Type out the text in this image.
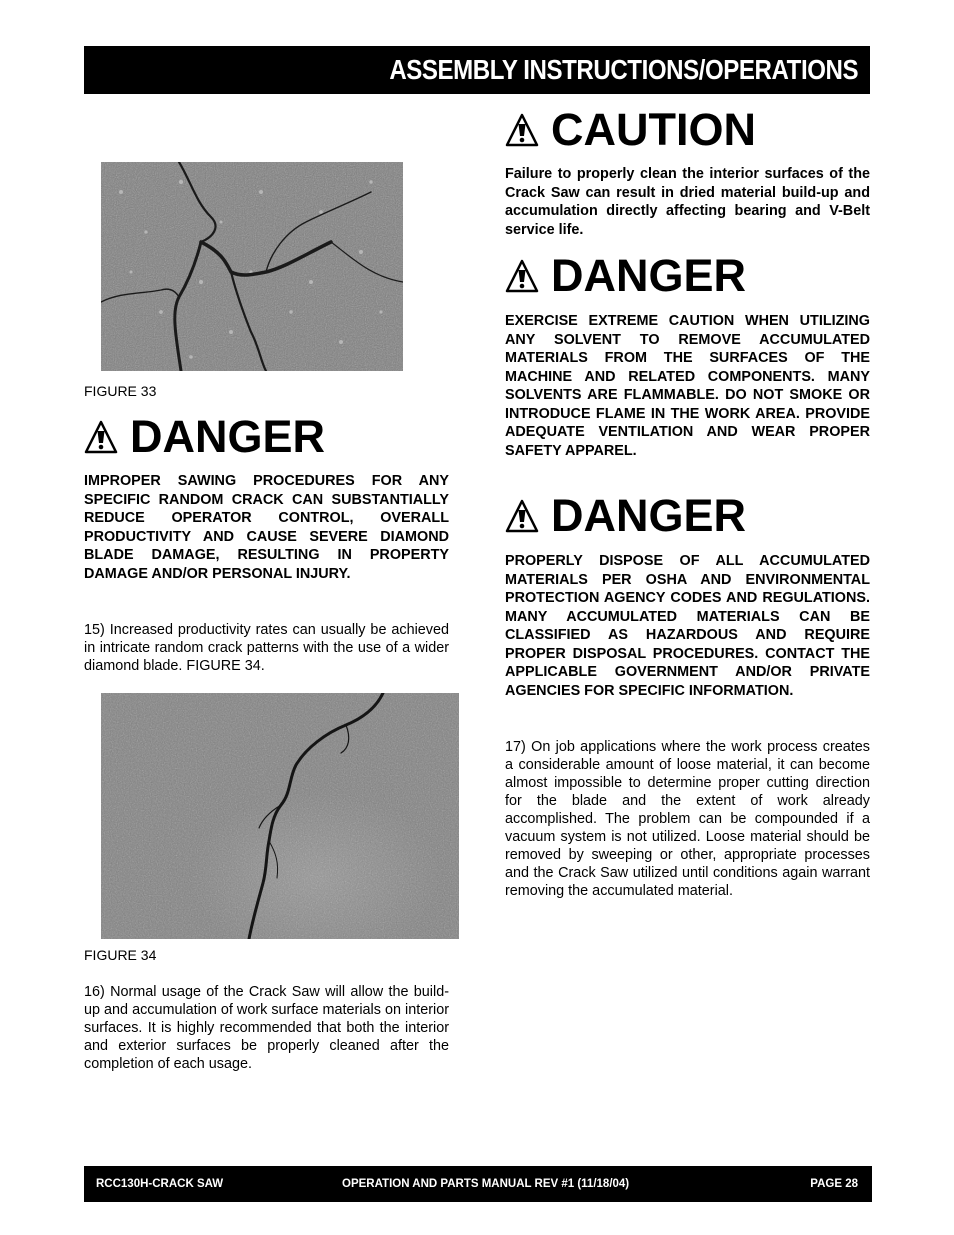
ASSEMBLY INSTRUCTIONS/OPERATIONS
FIGURE 33
DANGER
IMPROPER SAWING PROCEDURES FOR ANY SPECIFIC RANDOM CRACK CAN SUBSTANTIALLY REDUCE OPERATOR CONTROL, OVERALL PRODUCTIVITY AND CAUSE SEVERE DIAMOND BLADE DAMAGE, RESULTING IN PROPERTY DAMAGE AND/OR PERSONAL INJURY.
15) Increased productivity rates can usually be achieved in intricate random crack patterns with the use of a wider diamond blade. FIGURE 34.
FIGURE 34
16) Normal usage of the Crack Saw will allow the build-up and accumulation of work surface materials on interior surfaces. It is highly recommended that both the interior and exterior surfaces be properly cleaned after the completion of each usage.
CAUTION
Failure to properly clean the interior surfaces of the Crack Saw can result in dried material build-up and accumulation directly affecting bearing and V-Belt service life.
DANGER
EXERCISE EXTREME CAUTION WHEN UTILIZING ANY SOLVENT TO REMOVE ACCUMULATED MATERIALS FROM THE SURFACES OF THE MACHINE AND RELATED COMPONENTS. MANY SOLVENTS ARE FLAMMABLE. DO NOT SMOKE OR INTRODUCE FLAME IN THE WORK AREA. PROVIDE ADEQUATE VENTILATION AND WEAR PROPER SAFETY APPAREL.
DANGER
PROPERLY DISPOSE OF ALL ACCUMULATED MATERIALS PER OSHA AND ENVIRONMENTAL PROTECTION AGENCY CODES AND REGULATIONS. MANY ACCUMULATED MATERIALS CAN BE CLASSIFIED AS HAZARDOUS AND REQUIRE PROPER DISPOSAL PROCEDURES. CONTACT THE APPLICABLE GOVERNMENT AND/OR PRIVATE AGENCIES FOR SPECIFIC INFORMATION.
17) On job applications where the work process creates a considerable amount of loose material, it can become almost impossible to determine proper cutting direction for the blade and the extent of work already accomplished. The problem can be compounded if a vacuum system is not utilized. Loose material should be removed by sweeping or other, appropriate processes and the Crack Saw utilized until conditions again warrant removing the accumulated material.
RCC130H-CRACK SAW	OPERATION AND PARTS MANUAL REV #1 (11/18/04)	PAGE 28
